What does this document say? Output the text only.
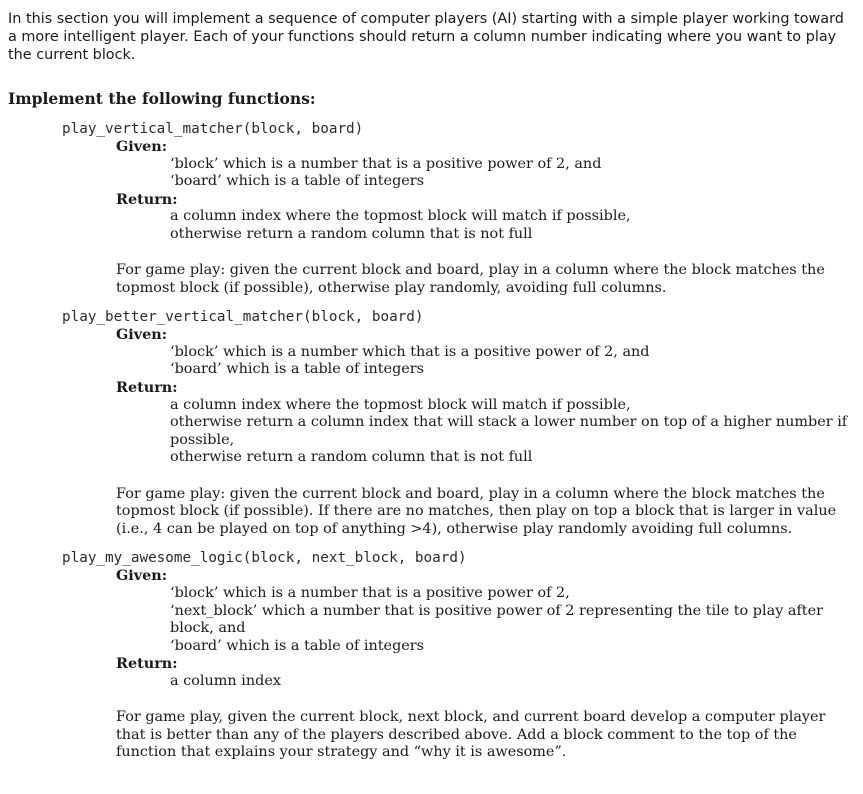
In this section you will implement a sequence of computer players (AI) starting with a simple player working toward a more intelligent player. Each of your functions should return a column number indicating where you want to play the current block.

Implement the following functions:
play_vertical_matcher(block, board)
Given:
‘block’ which is a number that is a positive power of 2, and
‘board’ which is a table of integers
Return:
a column index where the topmost block will match if possible,
otherwise return a random column that is not full
For game play: given the current block and board, play in a column where the block matches the topmost block (if possible), otherwise play randomly, avoiding full columns.
play_better_vertical_matcher(block, board)
Given:
‘block’ which is a number which that is a positive power of 2, and
‘board’ which is a table of integers
Return:
a column index where the topmost block will match if possible,
otherwise return a column index that will stack a lower number on top of a higher number if possible,
otherwise return a random column that is not full
For game play: given the current block and board, play in a column where the block matches the topmost block (if possible). If there are no matches, then play on top a block that is larger in value (i.e., 4 can be played on top of anything >4), otherwise play randomly avoiding full columns.
play_my_awesome_logic(block, next_block, board)
Given:
‘block’ which is a number that is a positive power of 2,
‘next_block’ which a number that is positive power of 2 representing the tile to play after block, and
‘board’ which is a table of integers
Return:
a column index
For game play, given the current block, next block, and current board develop a computer player that is better than any of the players described above. Add a block comment to the top of the function that explains your strategy and “why it is awesome”.
